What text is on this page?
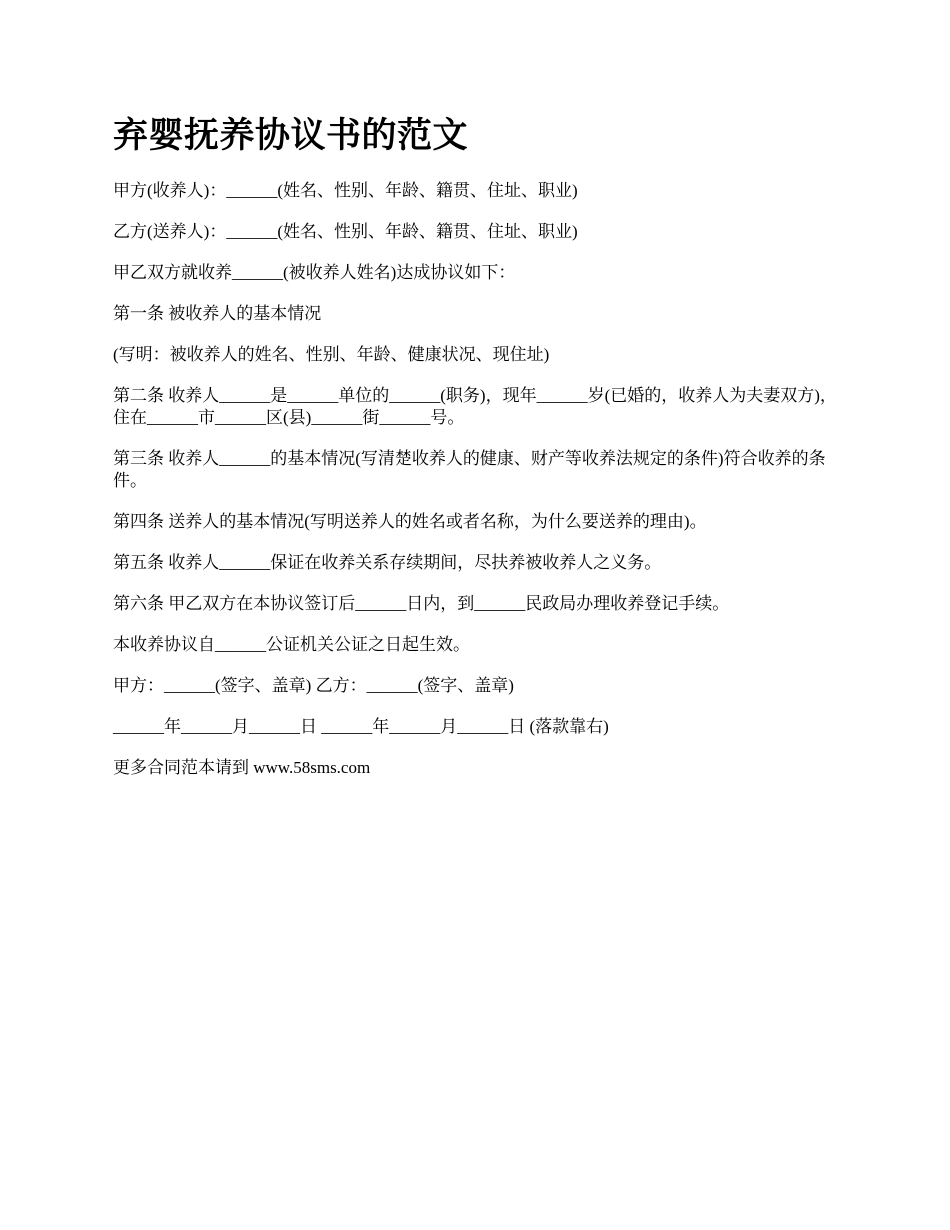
弃婴抚养协议书的范文

甲方(收养人)：______(姓名、性别、年龄、籍贯、住址、职业)

乙方(送养人)：______(姓名、性别、年龄、籍贯、住址、职业)

甲乙双方就收养______(被收养人姓名)达成协议如下：

第一条 被收养人的基本情况

(写明：被收养人的姓名、性别、年龄、健康状况、现住址)

第二条 收养人______是______单位的______(职务)，现年______岁(已婚的，收养人为夫妻双方)，住在______市______区(县)______街______号。

第三条 收养人______的基本情况(写清楚收养人的健康、财产等收养法规定的条件)符合收养的条件。

第四条 送养人的基本情况(写明送养人的姓名或者名称，为什么要送养的理由)。

第五条 收养人______保证在收养关系存续期间，尽扶养被收养人之义务。

第六条 甲乙双方在本协议签订后______日内，到______民政局办理收养登记手续。

本收养协议自______公证机关公证之日起生效。

甲方：______(签字、盖章) 乙方：______(签字、盖章)

______年______月______日 ______年______月______日 (落款靠右)

更多合同范本请到 www.58sms.com
